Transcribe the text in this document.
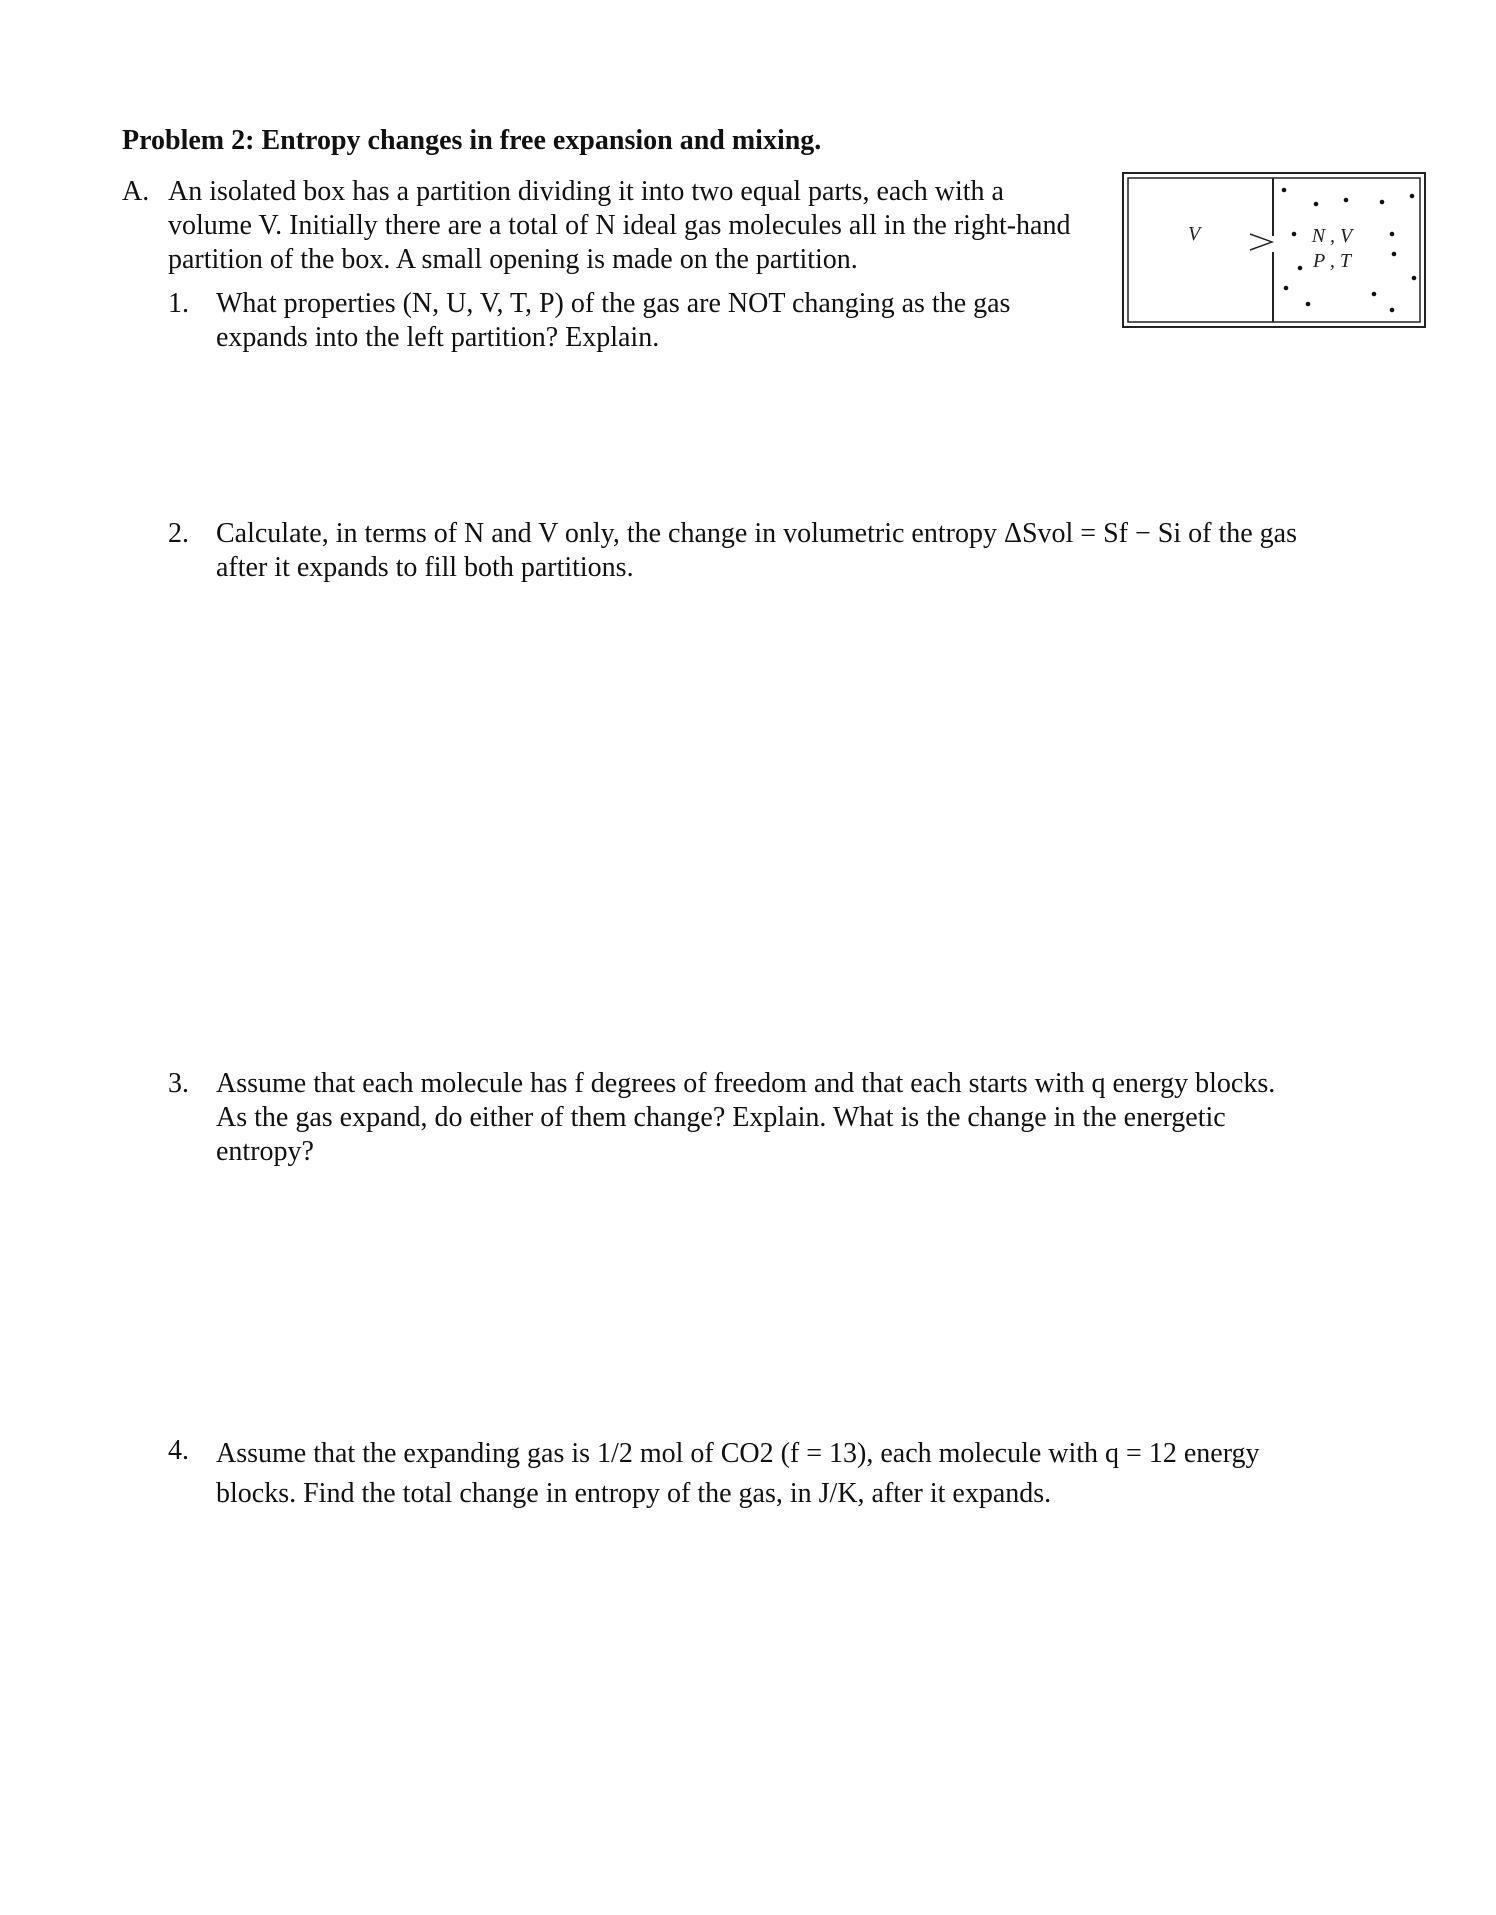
Problem 2: Entropy changes in free expansion and mixing.
A. An isolated box has a partition dividing it into two equal parts, each with a
volume V. Initially there are a total of N ideal gas molecules all in the right-hand
partition of the box. A small opening is made on the partition.
1. What properties (N, U, V, T, P) of the gas are NOT changing as the gas
expands into the left partition? Explain.
2. Calculate, in terms of N and V only, the change in volumetric entropy ΔSvol = Sf − Si of the gas
after it expands to fill both partitions.
3. Assume that each molecule has f degrees of freedom and that each starts with q energy blocks.
As the gas expand, do either of them change? Explain. What is the change in the energetic
entropy?
4. Assume that the expanding gas is 1/2 mol of CO2 (f = 13), each molecule with q = 12 energy
blocks. Find the total change in entropy of the gas, in J/K, after it expands.
V	N , V
P , T
